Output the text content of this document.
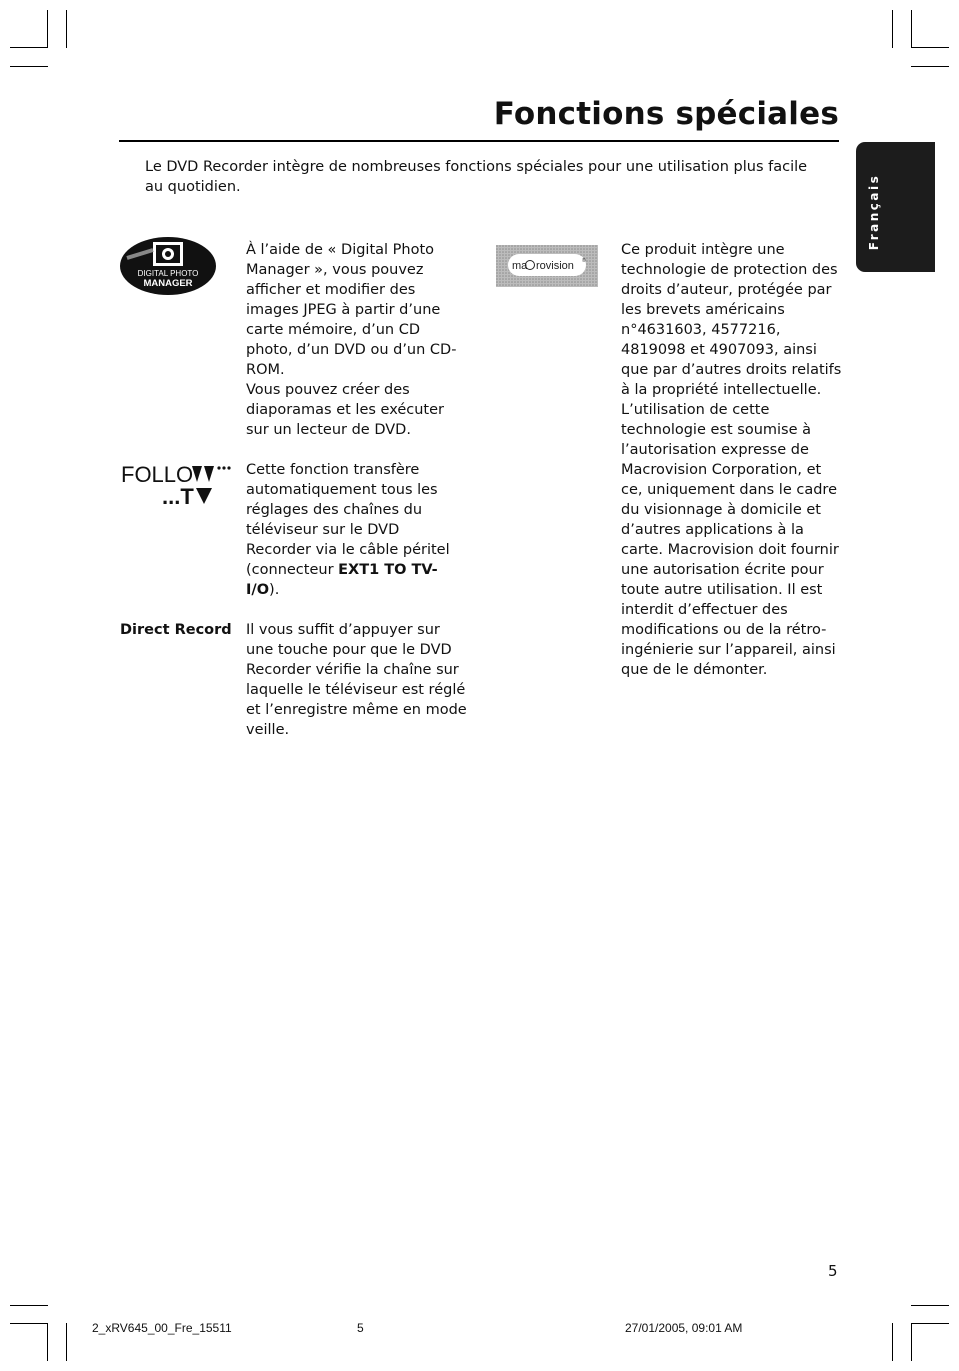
Fonctions spéciales
Français
Le DVD Recorder intègre de nombreuses fonctions spéciales pour une utilisation plus facile au quotidien.
DIGITAL PHOTO
MANAGER

À l’aide de « Digital Photo Manager », vous pouvez afficher et modifier des images JPEG à partir d’une carte mémoire, d’un CD photo, d’un DVD ou d’un CD-ROM.
Vous pouvez créer des diaporamas et les exécuter sur un lecteur de DVD.

FOLLO
...T

Cette fonction transfère automatiquement tous les réglages des chaînes du téléviseur sur le DVD Recorder via le câble péritel (connecteur EXT1 TO TV-I/O).

Direct Record Il vous suffit d’appuyer sur une touche pour que le DVD Recorder vérifie la chaîne sur laquelle le téléviseur est réglé et l’enregistre même en mode veille.

ma rovision ®

Ce produit intègre une technologie de protection des droits d’auteur, protégée par les brevets américains n°4631603, 4577216, 4819098 et 4907093, ainsi que par d’autres droits relatifs à la propriété intellectuelle. L’utilisation de cette technologie est soumise à l’autorisation expresse de Macrovision Corporation, et ce, uniquement dans le cadre du visionnage à domicile et d’autres applications à la carte. Macrovision doit fournir une autorisation écrite pour toute autre utilisation. Il est interdit d’effectuer des modifications ou de la rétro-ingénierie sur l’appareil, ainsi que de le démonter.

5
2_xRV645_00_Fre_15511	5	27/01/2005, 09:01 AM
